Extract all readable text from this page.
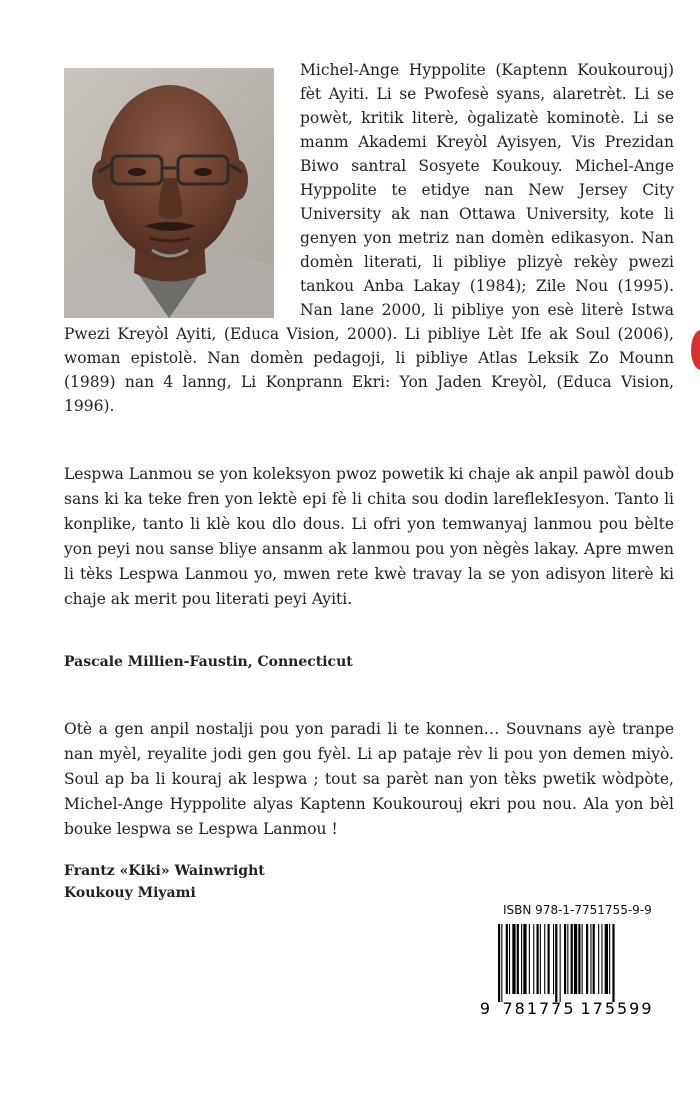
Michel-Ange Hyppolite (Kaptenn Koukourouj) fèt Ayiti. Li se Pwofesè syans, alaretrèt. Li se powèt, kritik literè, ògalizatè kominotè. Li se manm Akademi Kreyòl Ayisyen, Vis Prezidan Biwo santral Sosyete Koukouy. Michel-Ange Hyppolite te etidye nan New Jersey City University ak nan Ottawa University, kote li genyen yon metriz nan domèn edikasyon. Nan domèn literati, li pibliye plizyè rekèy pwezi tankou Anba Lakay (1984); Zile Nou (1995). Nan lane 2000, li pibliye yon esè literè Istwa Pwezi Kreyòl Ayiti, (Educa Vision, 2000). Li pibliye Lèt Ife ak Soul (2006), woman epistolè. Nan domèn pedagoji, li pibliye Atlas Leksik Zo Mounn (1989) nan 4 lanng, Li Konprann Ekri: Yon Jaden Kreyòl, (Educa Vision, 1996).
Lespwa Lanmou se yon koleksyon pwoz powetik ki chaje ak anpil pawòl doub sans ki ka teke fren yon lektè epi fè li chita sou dodin lareflekIesyon. Tanto li konplike, tanto li klè kou dlo dous. Li ofri yon temwanyaj lanmou pou bèlte yon peyi nou sanse bliye ansanm ak lanmou pou yon nègès lakay. Apre mwen li tèks Lespwa Lanmou yo, mwen rete kwè travay la se yon adisyon literè ki chaje ak merit pou literati peyi Ayiti.
Pascale Millien-Faustin, Connecticut
Otè a gen anpil nostalji pou yon paradi li te konnen… Souvnans ayè tranpe nan myèl, reyalite jodi gen gou fyèl. Li ap pataje rèv li pou yon demen miyò. Soul ap ba li kouraj ak lespwa ; tout sa parèt nan yon tèks pwetik wòdpòte, Michel-Ange Hyppolite alyas Kaptenn Koukourouj ekri pou nou. Ala yon bèl bouke lespwa se Lespwa Lanmou !
Frantz «Kiki» Wainwright
Koukouy Miyami
ISBN 978-1-7751755-9-9
9 781775 175599
